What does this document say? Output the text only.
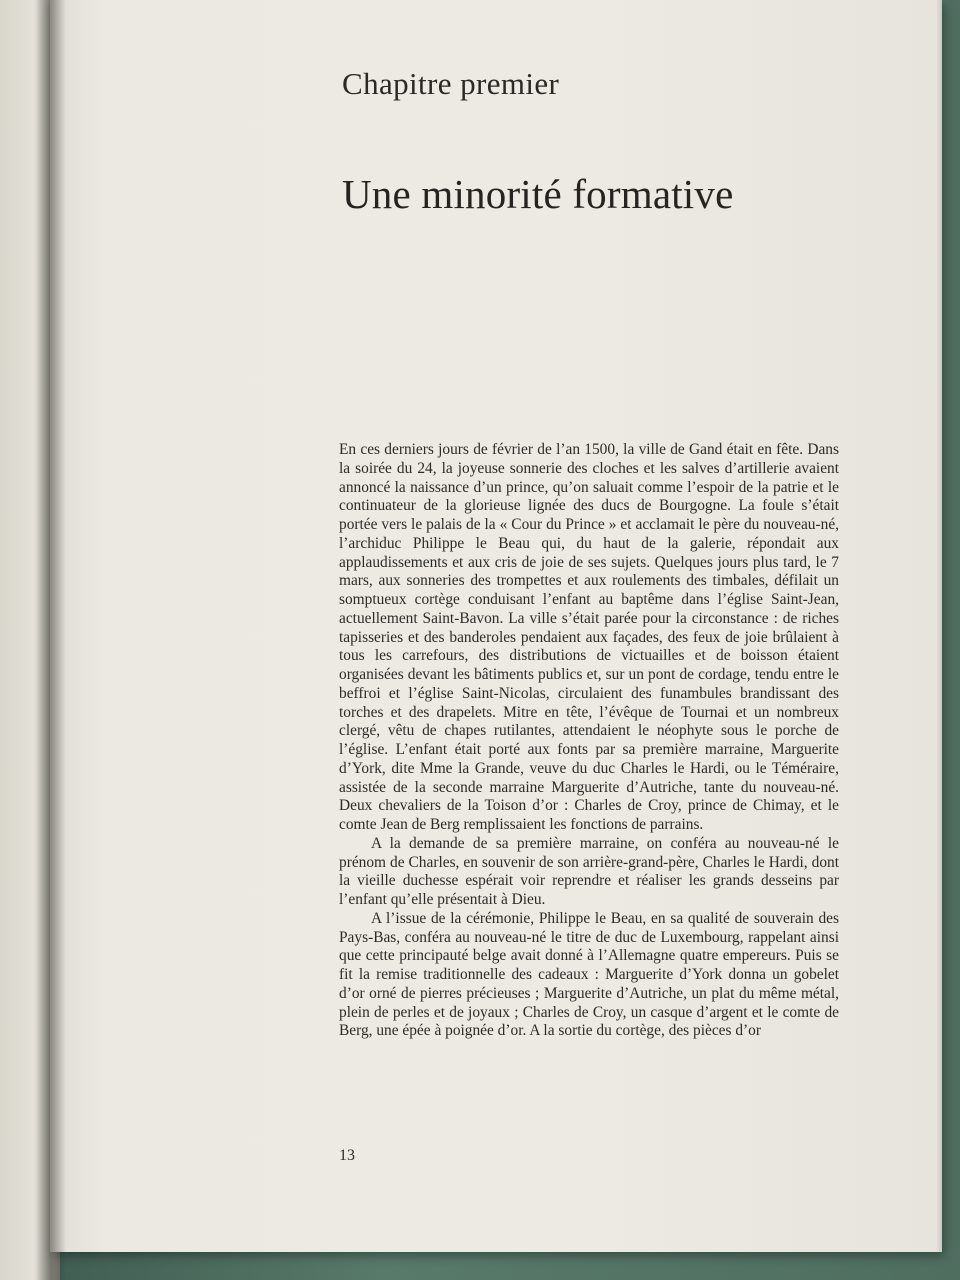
Chapitre premier
Une minorité formative

En ces derniers jours de février de l’an 1500, la ville de Gand était en fête. Dans la soirée du 24, la joyeuse sonnerie des cloches et les salves d’artillerie avaient annoncé la naissance d’un prince, qu’on saluait comme l’espoir de la patrie et le continuateur de la glorieuse lignée des ducs de Bourgogne. La foule s’était portée vers le palais de la « Cour du Prince » et acclamait le père du nouveau-né, l’archiduc Philippe le Beau qui, du haut de la galerie, répondait aux applaudissements et aux cris de joie de ses sujets. Quelques jours plus tard, le 7 mars, aux sonneries des trompettes et aux roulements des timbales, défilait un somptueux cortège conduisant l’enfant au baptême dans l’église Saint-Jean, actuellement Saint-Bavon. La ville s’était parée pour la circonstance : de riches tapisseries et des banderoles pendaient aux façades, des feux de joie brûlaient à tous les carrefours, des distributions de victuailles et de boisson étaient organisées devant les bâtiments publics et, sur un pont de cordage, tendu entre le beffroi et l’église Saint-Nicolas, circulaient des funambules brandissant des torches et des drapelets. Mitre en tête, l’évêque de Tournai et un nombreux clergé, vêtu de chapes rutilantes, attendaient le néophyte sous le porche de l’église. L’enfant était porté aux fonts par sa première marraine, Marguerite d’York, dite Mme la Grande, veuve du duc Charles le Hardi, ou le Téméraire, assistée de la seconde marraine Marguerite d’Autriche, tante du nouveau-né. Deux chevaliers de la Toison d’or : Charles de Croy, prince de Chimay, et le comte Jean de Berg remplissaient les fonctions de parrains.

A la demande de sa première marraine, on conféra au nouveau-né le prénom de Charles, en souvenir de son arrière-grand-père, Charles le Hardi, dont la vieille duchesse espérait voir reprendre et réaliser les grands desseins par l’enfant qu’elle présentait à Dieu.

A l’issue de la cérémonie, Philippe le Beau, en sa qualité de souverain des Pays-Bas, conféra au nouveau-né le titre de duc de Luxembourg, rappelant ainsi que cette principauté belge avait donné à l’Allemagne quatre empereurs. Puis se fit la remise traditionnelle des cadeaux : Marguerite d’York donna un gobelet d’or orné de pierres précieuses ; Marguerite d’Autriche, un plat du même métal, plein de perles et de joyaux ; Charles de Croy, un casque d’argent et le comte de Berg, une épée à poignée d’or. A la sortie du cortège, des pièces d’or

13
